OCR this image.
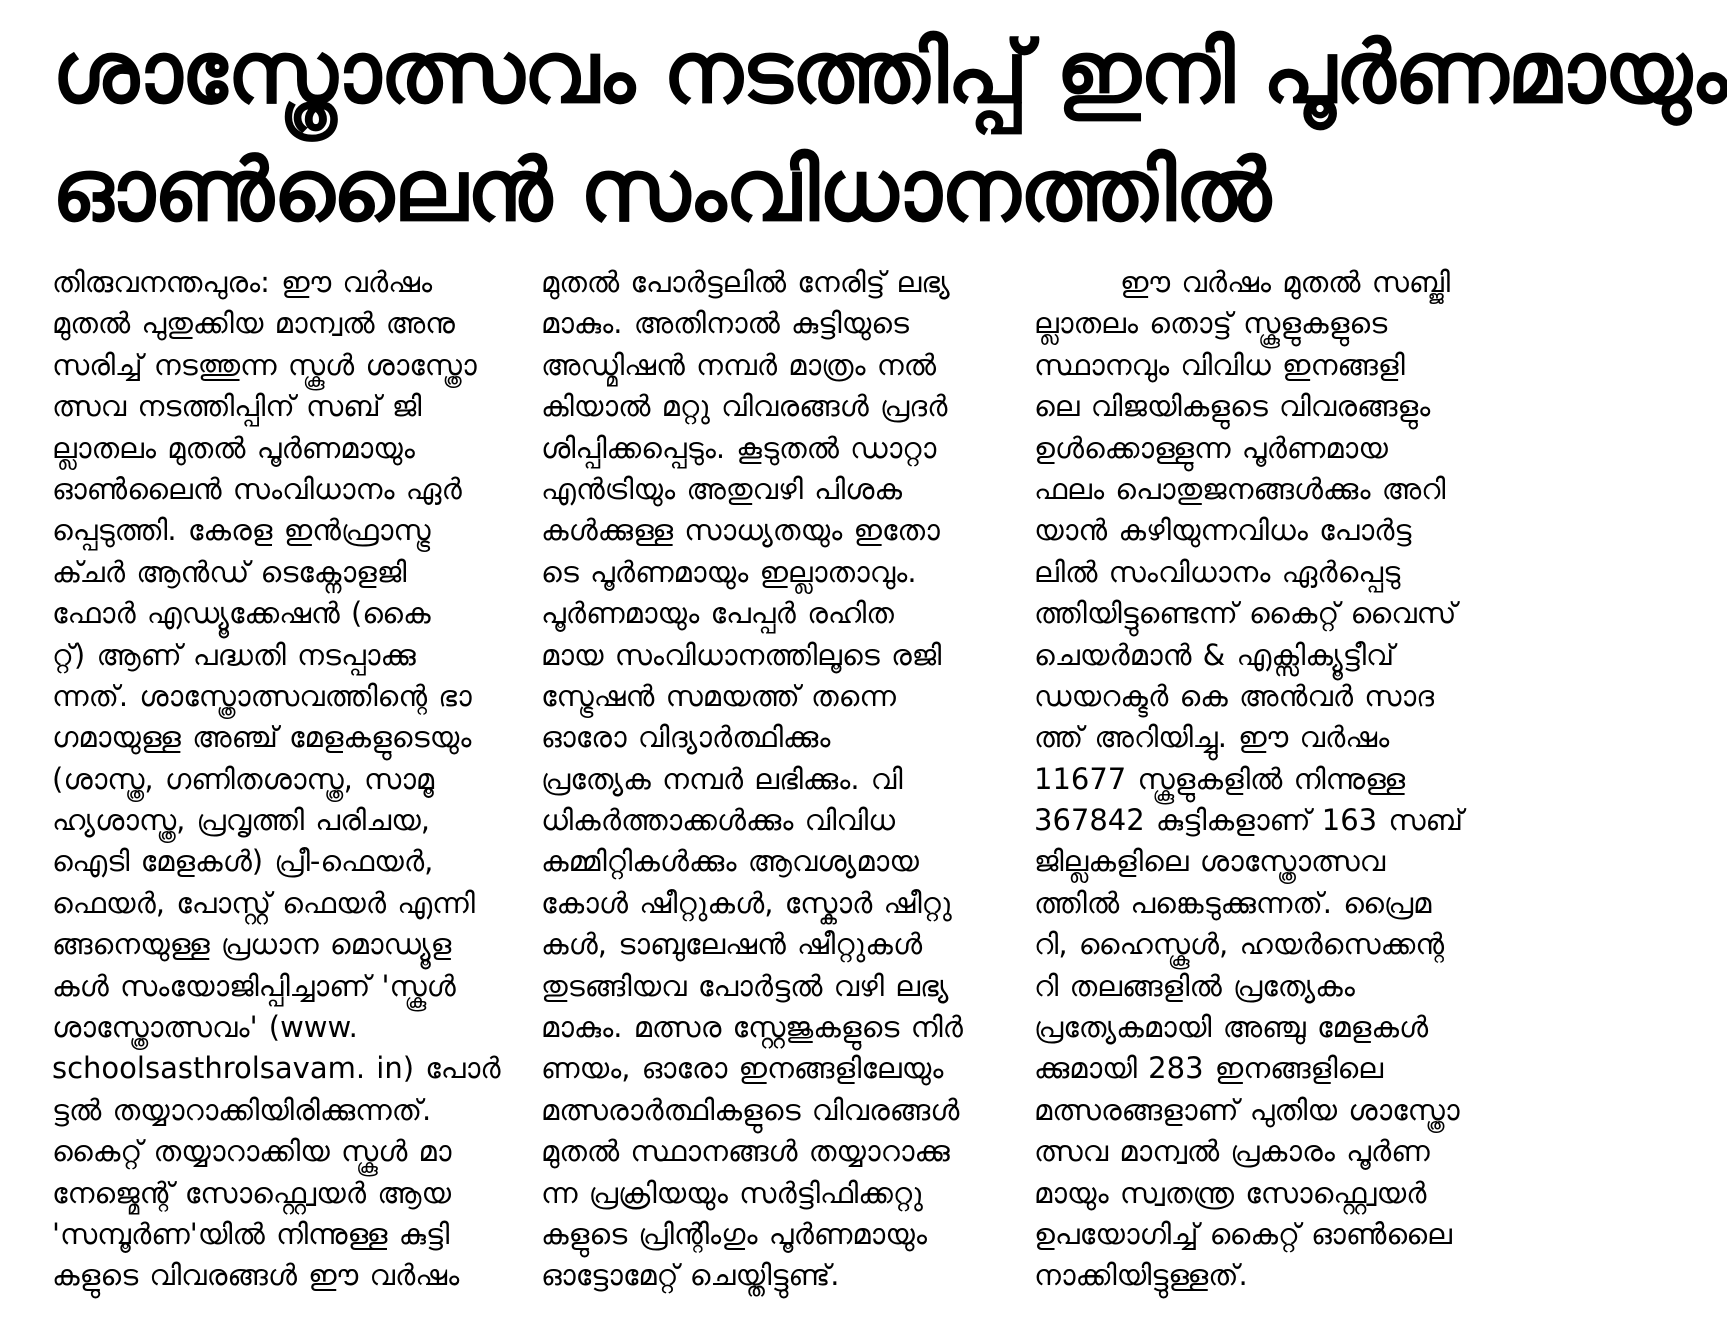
ശാസ്ത്രോത്സവം നടത്തിപ്പ് ഇനി പൂർണമായും
ഓൺലൈൻ സംവിധാനത്തിൽ
തിരുവനന്തപുരം: ഈ വർഷം
മുതൽ പുതുക്കിയ മാന്വൽ അനു
സരിച്ച് നടത്തുന്ന സ്കൂൾ ശാസ്ത്രോ
ത്സവ നടത്തിപ്പിന് സബ് ജി
ല്ലാതലം മുതൽ പൂർണമായും
ഓൺലൈൻ സംവിധാനം ഏർ
പ്പെടുത്തി. കേരള ഇൻഫ്രാസ്ട്ര
ക്ചർ ആൻഡ് ടെക്നോളജി
ഫോർ എഡ്യൂക്കേഷൻ (കൈ
റ്റ്) ആണ് പദ്ധതി നടപ്പാക്കു
ന്നത്. ശാസ്ത്രോത്സവത്തിന്റെ ഭാ
ഗമായുള്ള അഞ്ച് മേളകളുടെയും
(ശാസ്ത്ര, ഗണിതശാസ്ത്ര, സാമൂ
ഹ്യശാസ്ത്ര, പ്രവൃത്തി പരിചയ,
ഐടി മേളകൾ) പ്രീ-ഫെയർ,
ഫെയർ, പോസ്റ്റ് ഫെയർ എന്നി
ങ്ങനെയുള്ള പ്രധാന മൊഡ്യൂള
കൾ സംയോജിപ്പിച്ചാണ് 'സ്കൂൾ
ശാസ്ത്രോത്സവം' (www.
schoolsasthrolsavam. in) പോർ
ട്ടൽ തയ്യാറാക്കിയിരിക്കുന്നത്.
കൈറ്റ് തയ്യാറാക്കിയ സ്കൂൾ മാ
നേജ്മെന്റ് സോഫ്റ്റ്വെയർ ആയ
'സമ്പൂർണ'യിൽ നിന്നുള്ള കുട്ടി
കളുടെ വിവരങ്ങൾ ഈ വർഷം
മുതൽ പോർട്ടലിൽ നേരിട്ട് ലഭ്യ
മാകും. അതിനാൽ കുട്ടിയുടെ
അഡ്മിഷൻ നമ്പർ മാത്രം നൽ
കിയാൽ മറ്റു വിവരങ്ങൾ പ്രദർ
ശിപ്പിക്കപ്പെടും. കൂടുതൽ ഡാറ്റാ
എൻട്രിയും അതുവഴി പിശക
കൾക്കുള്ള സാധ്യതയും ഇതോ
ടെ പൂർണമായും ഇല്ലാതാവും.
പൂർണമായും പേപ്പർ രഹിത
മായ സംവിധാനത്തിലൂടെ രജി
സ്ട്രേഷൻ സമയത്ത് തന്നെ
ഓരോ വിദ്യാർത്ഥിക്കും
പ്രത്യേക നമ്പർ ലഭിക്കും. വി
ധികർത്താക്കൾക്കും വിവിധ
കമ്മിറ്റികൾക്കും ആവശ്യമായ
കോൾ ഷീറ്റുകൾ, സ്കോർ ഷീറ്റു
കൾ, ടാബുലേഷൻ ഷീറ്റുകൾ
തുടങ്ങിയവ പോർട്ടൽ വഴി ലഭ്യ
മാകും. മത്സര സ്റ്റേജുകളുടെ നിർ
ണയം, ഓരോ ഇനങ്ങളിലേയും
മത്സരാർത്ഥികളുടെ വിവരങ്ങൾ
മുതൽ സ്ഥാനങ്ങൾ തയ്യാറാക്കു
ന്ന പ്രക്രിയയും സർട്ടിഫിക്കറ്റു
കളുടെ പ്രിന്റിംഗും പൂർണമായും
ഓട്ടോമേറ്റ് ചെയ്തിട്ടുണ്ട്.
ഈ വർഷം മുതൽ സബ്ജി
ല്ലാതലം തൊട്ട് സ്കൂളുകളുടെ
സ്ഥാനവും വിവിധ ഇനങ്ങളി
ലെ വിജയികളുടെ വിവരങ്ങളും
ഉൾക്കൊള്ളുന്ന പൂർണമായ
ഫലം പൊതുജനങ്ങൾക്കും അറി
യാൻ കഴിയുന്നവിധം പോർട്ട
ലിൽ സംവിധാനം ഏർപ്പെടു
ത്തിയിട്ടുണ്ടെന്ന് കൈറ്റ് വൈസ്
ചെയർമാൻ & എക്സിക്യൂട്ടീവ്
ഡയറക്ടർ കെ അൻവർ സാദ
ത്ത് അറിയിച്ചു. ഈ വർഷം
11677 സ്കൂളുകളിൽ നിന്നുള്ള
367842 കുട്ടികളാണ് 163 സബ്
ജില്ലകളിലെ ശാസ്ത്രോത്സവ
ത്തിൽ പങ്കെടുക്കുന്നത്. പ്രൈമ
റി, ഹൈസ്കൂൾ, ഹയർസെക്കന്റ
റി തലങ്ങളിൽ പ്രത്യേകം
പ്രത്യേകമായി അഞ്ചു മേളകൾ
ക്കുമായി 283 ഇനങ്ങളിലെ
മത്സരങ്ങളാണ് പുതിയ ശാസ്ത്രോ
ത്സവ മാന്വൽ പ്രകാരം പൂർണ
മായും സ്വതന്ത്ര സോഫ്റ്റ്വെയർ
ഉപയോഗിച്ച് കൈറ്റ് ഓൺലൈ
നാക്കിയിട്ടുള്ളത്.
